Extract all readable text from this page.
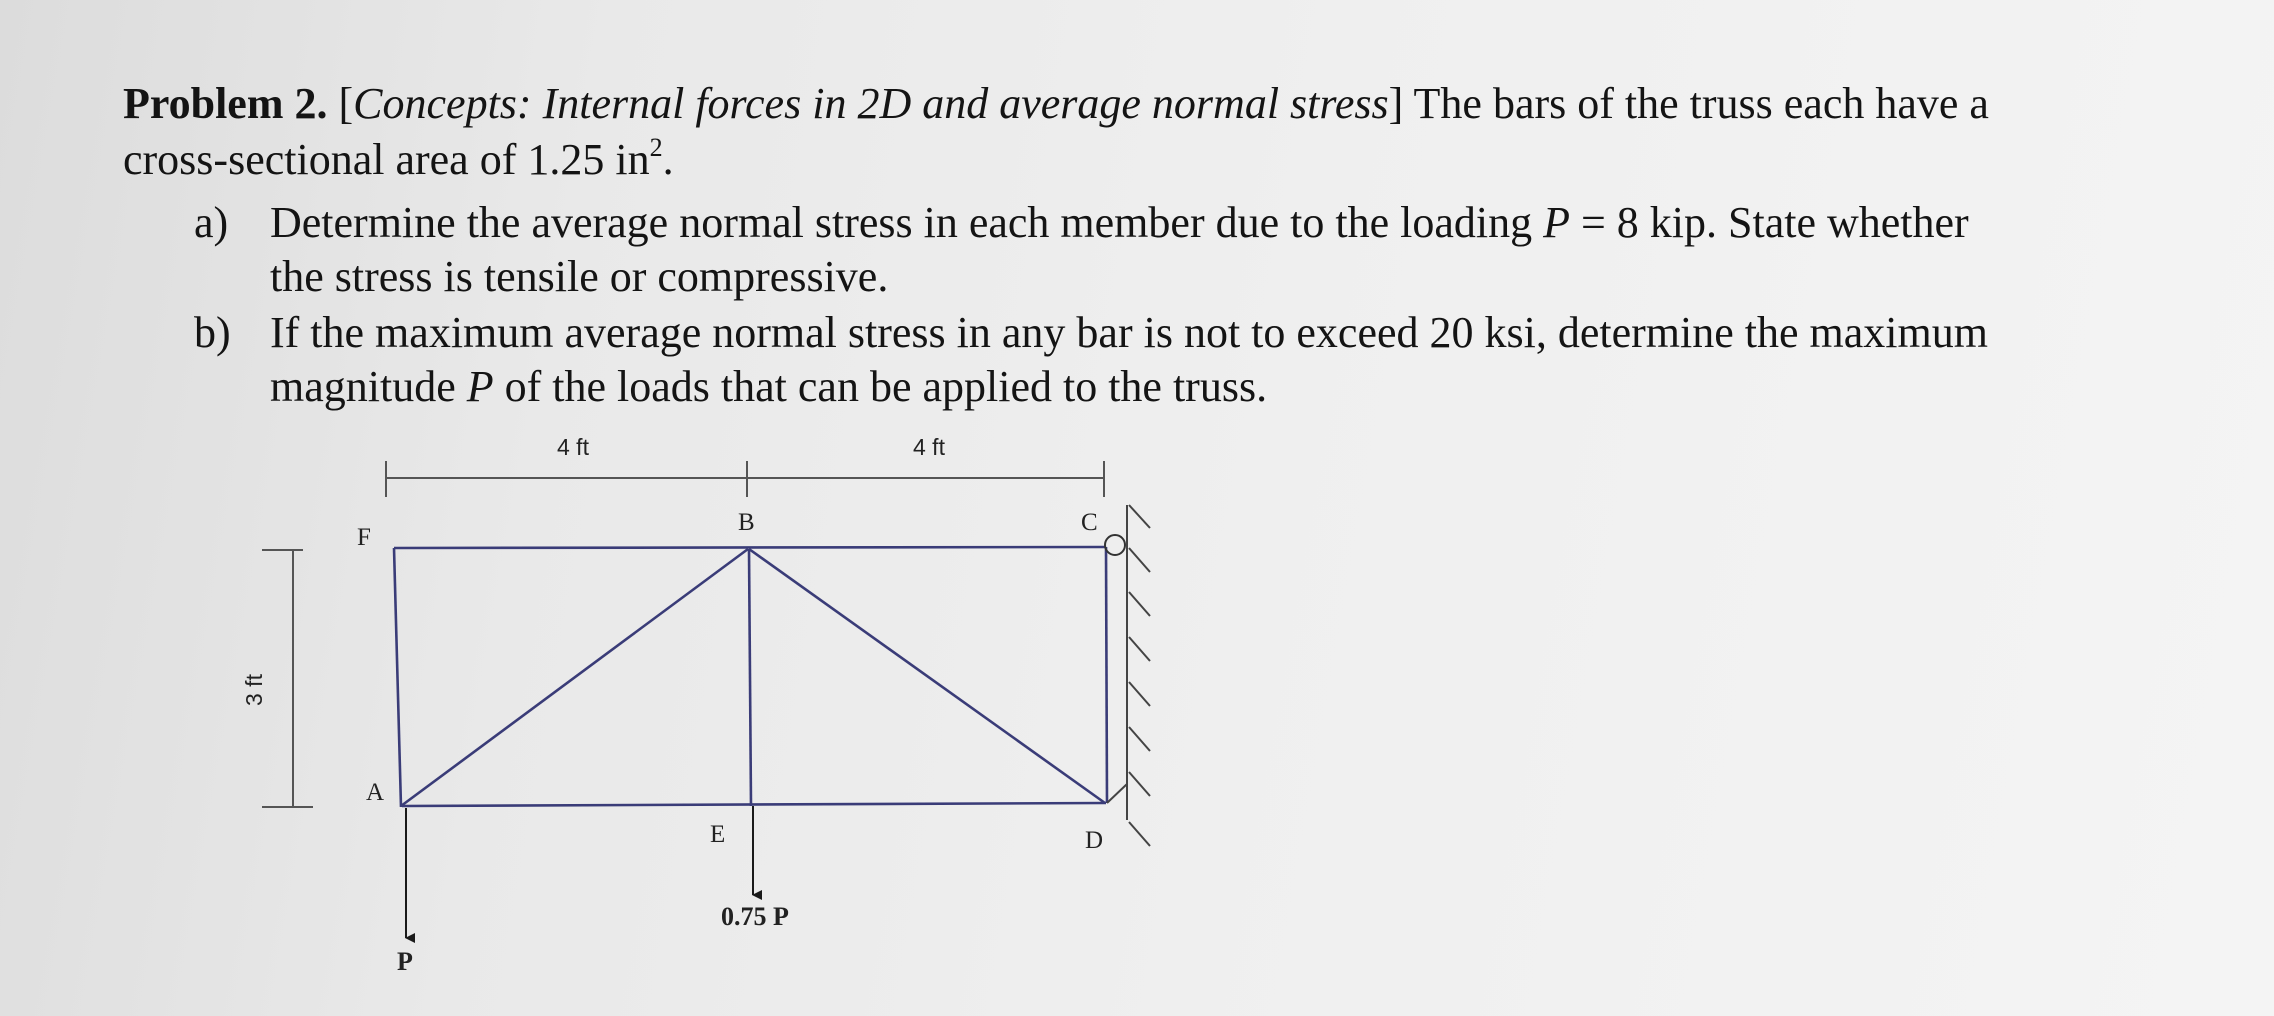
Problem 2. [Concepts: Internal forces in 2D and average normal stress] The bars of the truss each have a cross-sectional area of 1.25 $in^2$.

a) Determine the average normal stress in each member due to the loading P = 8 kip. State whether the stress is tensile or compressive.
b) If the maximum average normal stress in any bar is not to exceed 20 ksi, determine the maximum magnitude P of the loads that can be applied to the truss.
4 ft	4 ft
3 ft
F
B	C
A
E	D
0.75 P
P
